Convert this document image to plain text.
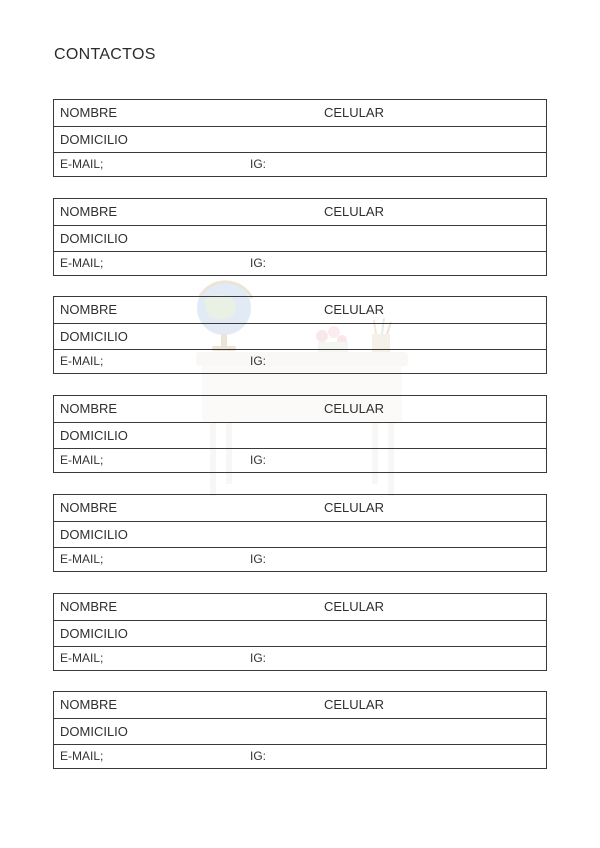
CONTACTOS
NOMBRE	CELULAR
DOMICILIO
E-MAIL;	IG:
NOMBRE	CELULAR
DOMICILIO
E-MAIL;	IG:
NOMBRE	CELULAR
DOMICILIO
E-MAIL;	IG:
NOMBRE	CELULAR
DOMICILIO
E-MAIL;	IG:
NOMBRE	CELULAR
DOMICILIO
E-MAIL;	IG:
NOMBRE	CELULAR
DOMICILIO
E-MAIL;	IG:
NOMBRE	CELULAR
DOMICILIO
E-MAIL;	IG:
